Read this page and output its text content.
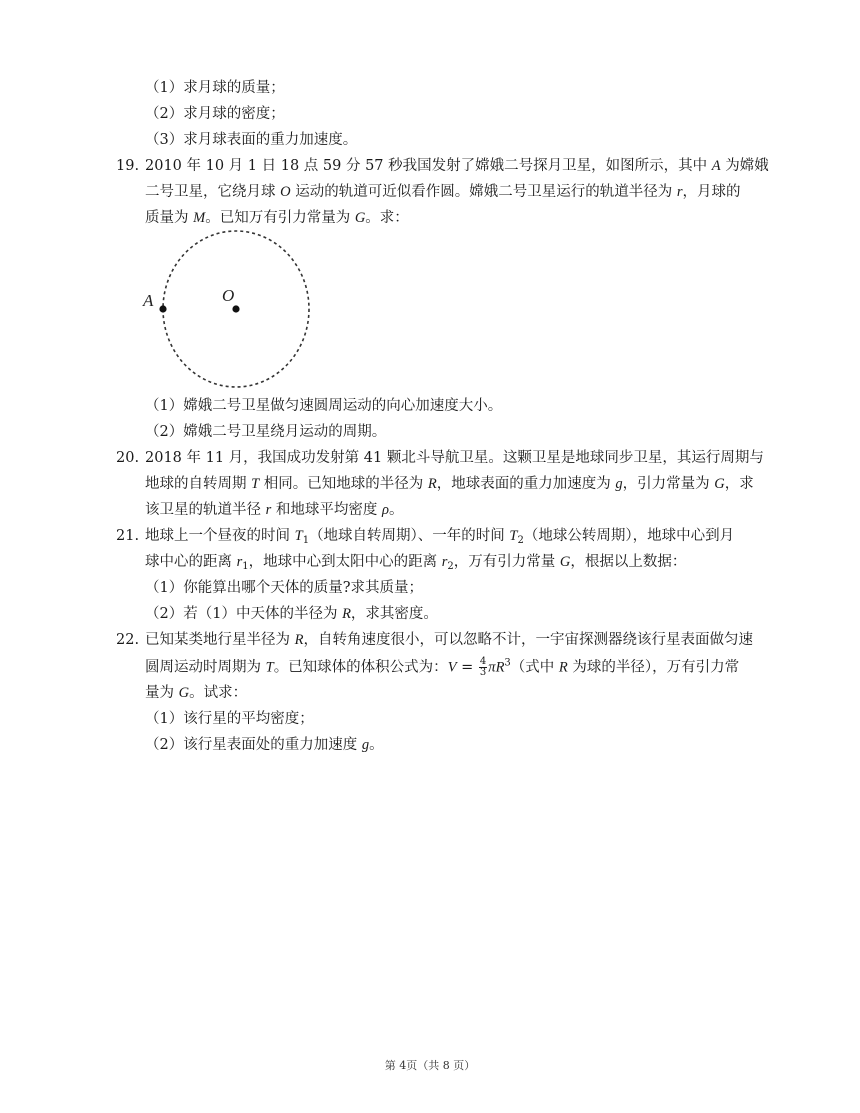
（1）求月球的质量；
（2）求月球的密度；
（3）求月球表面的重力加速度。
19. 2010 年 10 月 1 日 18 点 59 分 57 秒我国发射了嫦娥二号探月卫星，如图所示，其中 A 为嫦娥
二号卫星，它绕月球 O 运动的轨道可近似看作圆。嫦娥二号卫星运行的轨道半径为 r，月球的
质量为 M。已知万有引力常量为 G。求：
A	O
（1）嫦娥二号卫星做匀速圆周运动的向心加速度大小。
（2）嫦娥二号卫星绕月运动的周期。
20. 2018 年 11 月，我国成功发射第 41 颗北斗导航卫星。这颗卫星是地球同步卫星，其运行周期与
地球的自转周期 T 相同。已知地球的半径为 R，地球表面的重力加速度为 g，引力常量为 G，求
该卫星的轨道半径 r 和地球平均密度 ρ。
21. 地球上一个昼夜的时间 $T_1$（地球自转周期）、一年的时间 $T_2$（地球公转周期），地球中心到月
球中心的距离 $r_1$，地球中心到太阳中心的距离 $r_2$，万有引力常量 G，根据以上数据：
（1）你能算出哪个天体的质量?求其质量；
（2）若（1）中天体的半径为 R，求其密度。
22. 已知某类地行星半径为 R，自转角速度很小，可以忽略不计，一宇宙探测器绕该行星表面做匀速
圆周运动时周期为 T。已知球体的体积公式为：$V = \frac{4}{3} \pi R^3$（式中 R 为球的半径），万有引力常
量为 G。试求：
（1）该行星的平均密度；
（2）该行星表面处的重力加速度 g。
第 4页（共 8 页）
